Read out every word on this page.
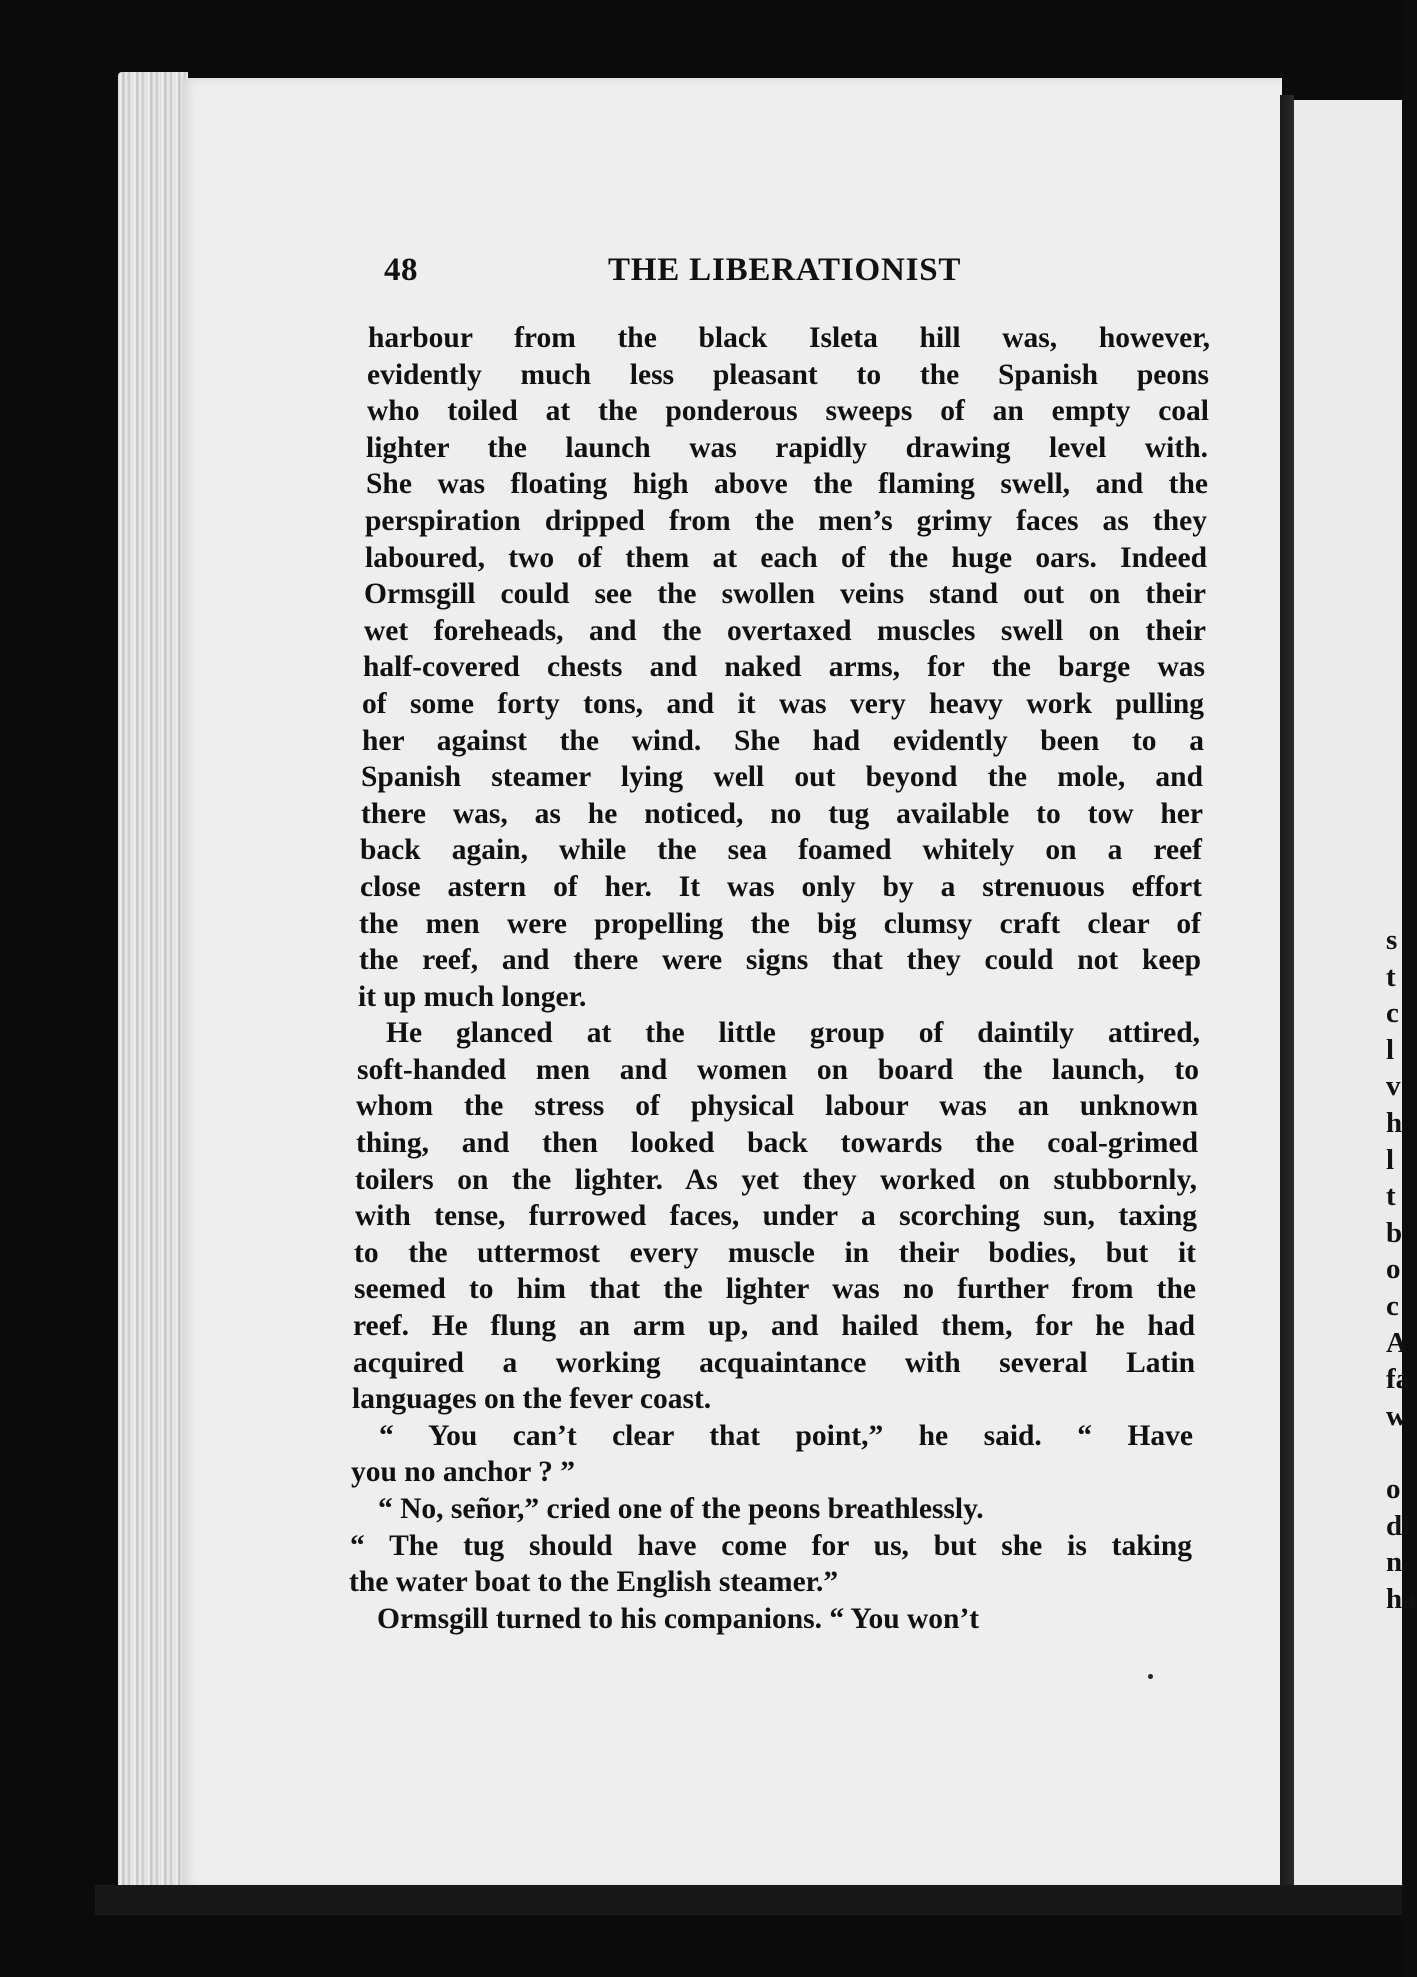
s
t
c
l
v
h
l
t
b
o
c
A
fa
w
o
di
n
ha
48	THE LIBERATIONIST
harbour from the black Isleta hill was, however,
evidently much less pleasant to the Spanish peons
who toiled at the ponderous sweeps of an empty coal
lighter the launch was rapidly drawing level with.
She was floating high above the flaming swell, and the
perspiration dripped from the men’s grimy faces as they
laboured, two of them at each of the huge oars. Indeed
Ormsgill could see the swollen veins stand out on their
wet foreheads, and the overtaxed muscles swell on their
half-covered chests and naked arms, for the barge was
of some forty tons, and it was very heavy work pulling
her against the wind. She had evidently been to a
Spanish steamer lying well out beyond the mole, and
there was, as he noticed, no tug available to tow her
back again, while the sea foamed whitely on a reef
close astern of her. It was only by a strenuous effort
the men were propelling the big clumsy craft clear of
the reef, and there were signs that they could not keep
it up much longer.
He glanced at the little group of daintily attired,
soft-handed men and women on board the launch, to
whom the stress of physical labour was an unknown
thing, and then looked back towards the coal-grimed
toilers on the lighter. As yet they worked on stubbornly,
with tense, furrowed faces, under a scorching sun, taxing
to the uttermost every muscle in their bodies, but it
seemed to him that the lighter was no further from the
reef. He flung an arm up, and hailed them, for he had
acquired a working acquaintance with several Latin
languages on the fever coast.
“ You can’t clear that point,” he said. “ Have
you no anchor ? ”
“ No, señor,” cried one of the peons breathlessly.
“ The tug should have come for us, but she is taking
the water boat to the English steamer.”
Ormsgill turned to his companions. “ You won’t
